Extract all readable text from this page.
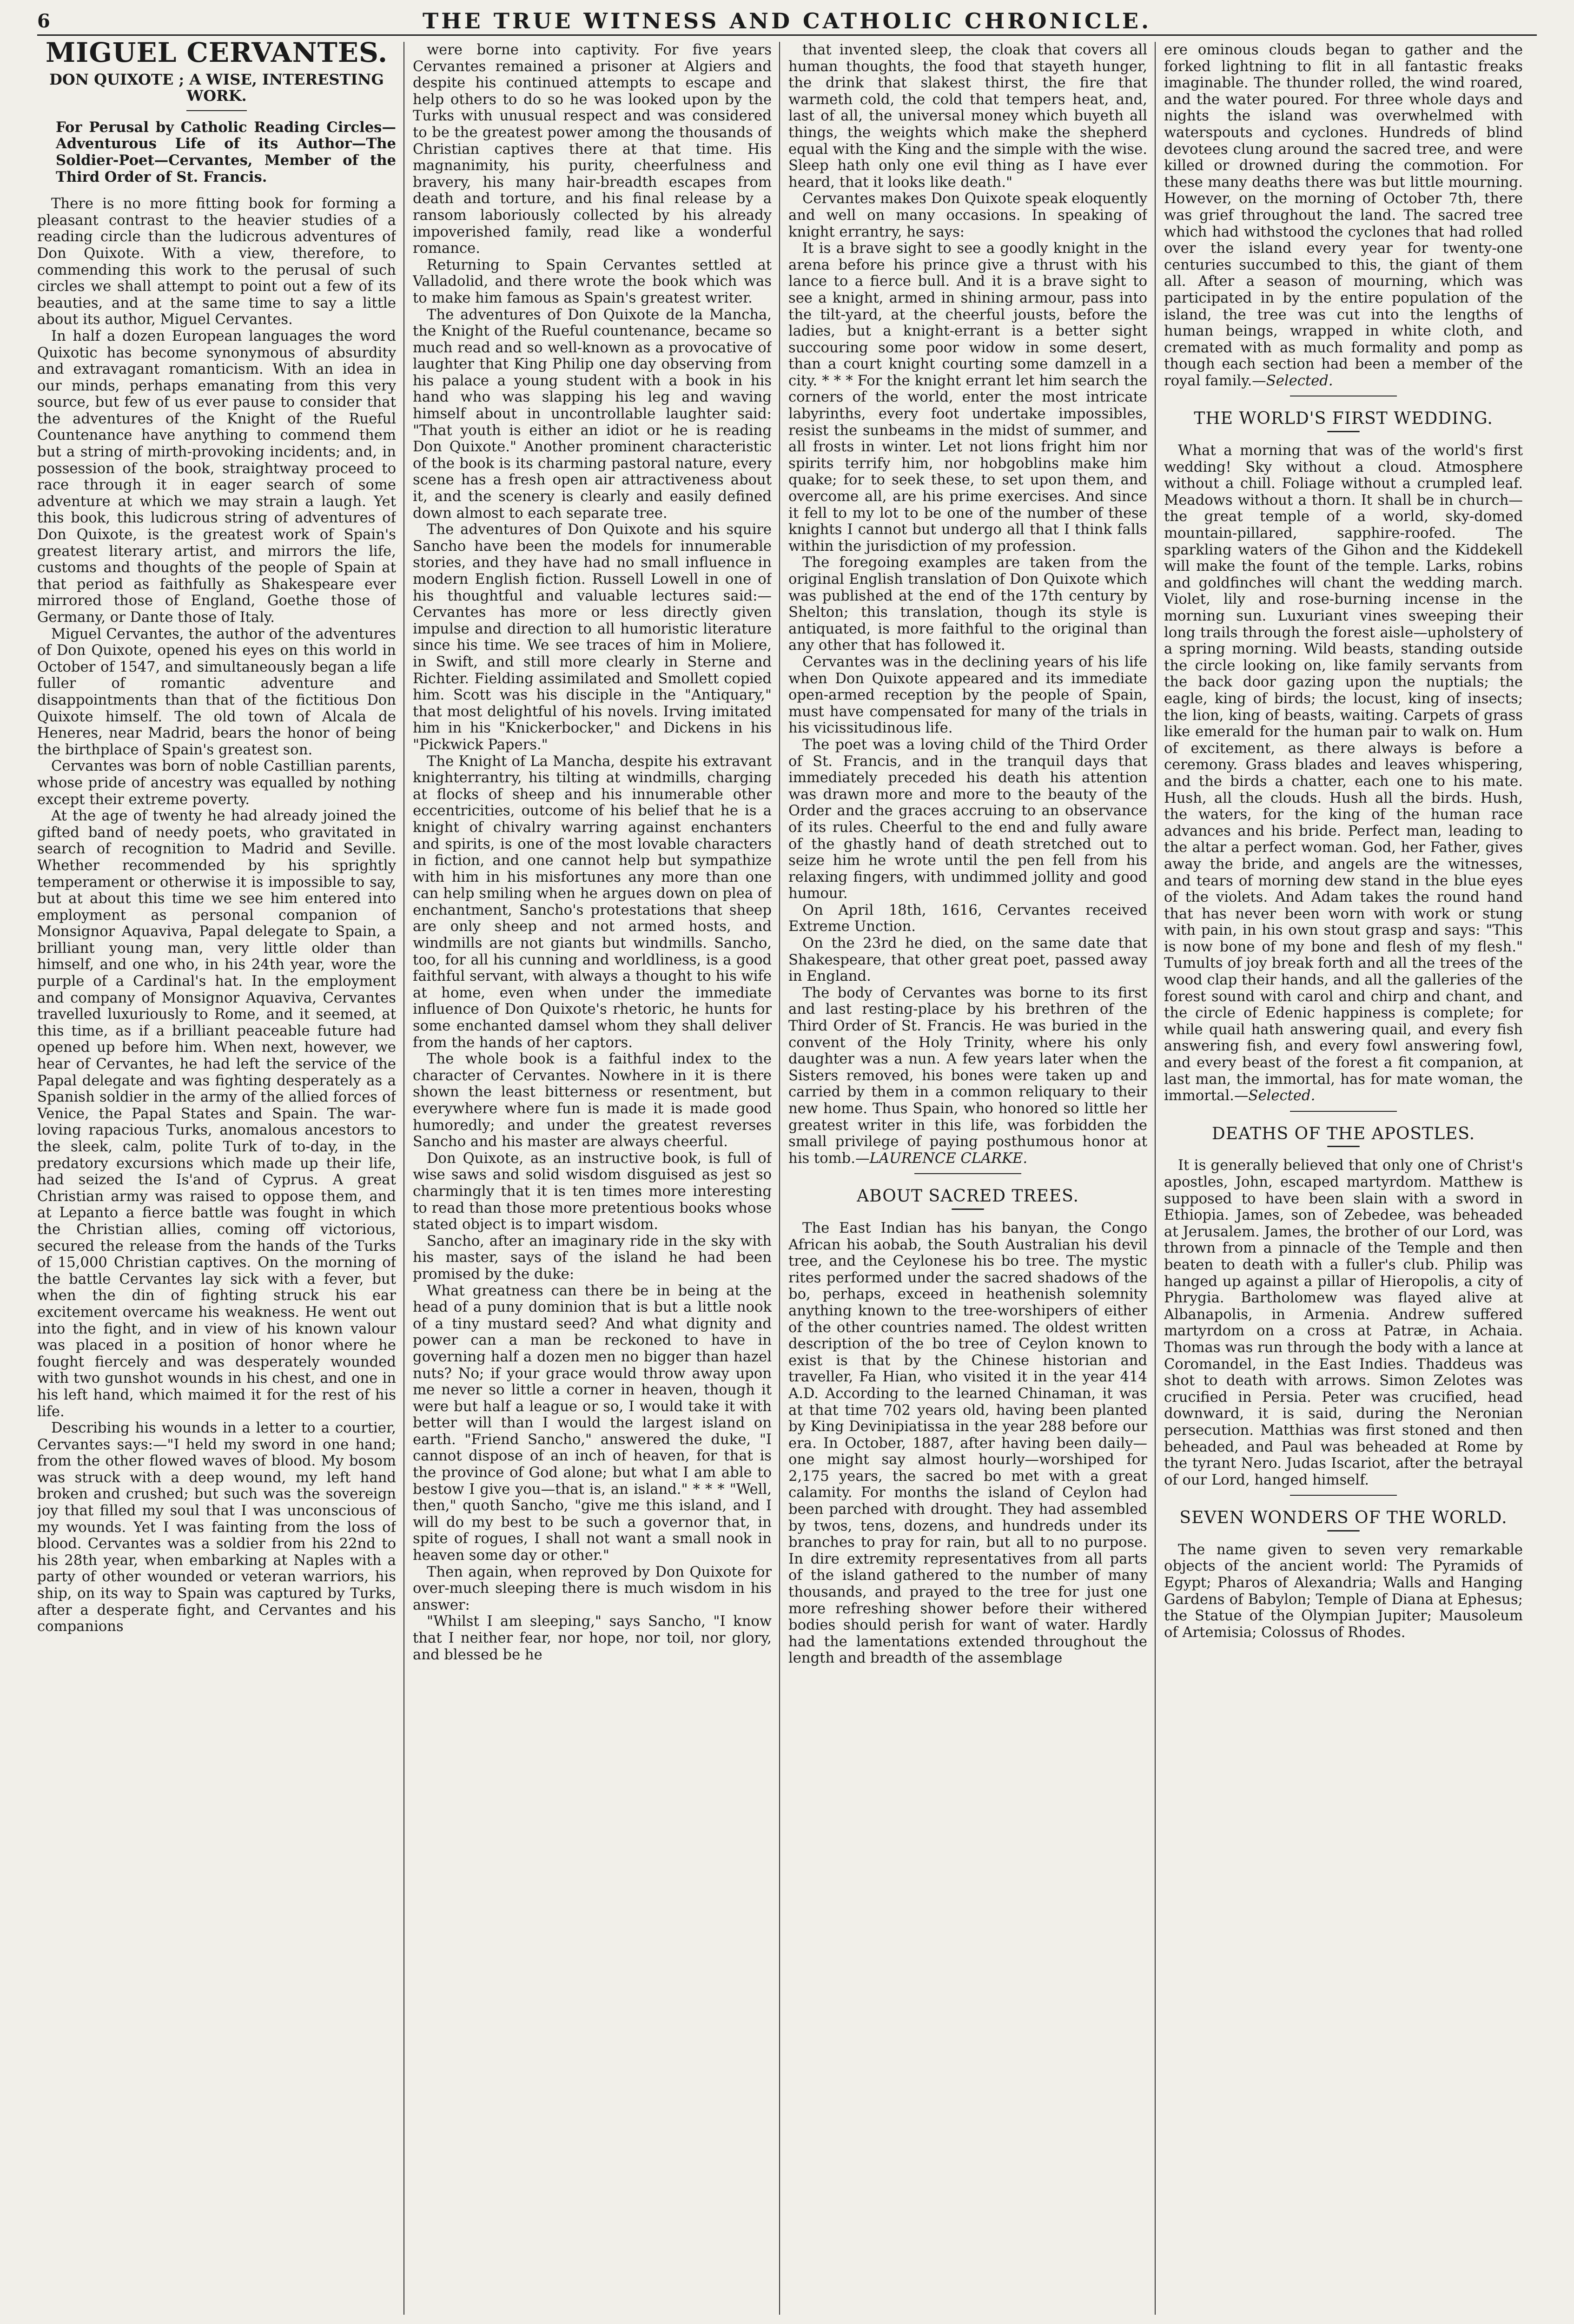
6	THE TRUE WITNESS AND CATHOLIC CHRONICLE.
MIGUEL CERVANTES.
DON QUIXOTE ; A WISE, INTERESTING WORK.

For Perusal by Catholic Reading Circles—Adventurous Life of its Author—The Soldier-Poet—Cervantes, Member of the Third Order of St. Francis.

There is no more fitting book for forming a pleasant contrast to the heavier studies of a reading circle than the ludicrous adventures of Don Quixote. With a view, therefore, to commending this work to the perusal of such circles we shall attempt to point out a few of its beauties, and at the same time to say a little about its author, Miguel Cervantes.

In half a dozen European languages the word Quixotic has become synonymous of absurdity and extravagant romanticism. With an idea in our minds, perhaps emanating from this very source, but few of us ever pause to consider that the adventures of the Knight of the Rueful Countenance have anything to commend them but a string of mirth-provoking incidents; and, in possession of the book, straightway proceed to race through it in eager search of some adventure at which we may strain a laugh. Yet this book, this ludicrous string of adventures of Don Quixote, is the greatest work of Spain's greatest literary artist, and mirrors the life, customs and thoughts of the people of Spain at that period as faithfully as Shakespeare ever mirrored those of England, Goethe those of Germany, or Dante those of Italy.

Miguel Cervantes, the author of the adventures of Don Quixote, opened his eyes on this world in October of 1547, and simultaneously began a life fuller of romantic adventure and disappointments than that of the fictitious Don Quixote himself. The old town of Alcala de Heneres, near Madrid, bears the honor of being the birthplace of Spain's greatest son.

Cervantes was born of noble Castillian parents, whose pride of ancestry was equalled by nothing except their extreme poverty.

At the age of twenty he had already joined the gifted band of needy poets, who gravitated in search of recognition to Madrid and Seville. Whether recommended by his sprightly temperament or otherwise it is impossible to say, but at about this time we see him entered into employment as personal companion of Monsignor Aquaviva, Papal delegate to Spain, a brilliant young man, very little older than himself, and one who, in his 24th year, wore the purple of a Cardinal's hat. In the employment and company of Monsignor Aquaviva, Cervantes travelled luxuriously to Rome, and it seemed, at this time, as if a brilliant peaceable future had opened up before him. When next, however, we hear of Cervantes, he had left the service of the Papal delegate and was fighting desperately as a Spanish soldier in the army of the allied forces of Venice, the Papal States and Spain. The war-loving rapacious Turks, anomalous ancestors to the sleek, calm, polite Turk of to-day, in the predatory excursions which made up their life, had seized the Is'and of Cyprus. A great Christian army was raised to oppose them, and at Lepanto a fierce battle was fought in which the Christian allies, coming off victorious, secured the release from the hands of the Turks of 15,000 Christian captives. On the morning of the battle Cervantes lay sick with a fever, but when the din of fighting struck his ear excitement overcame his weakness. He went out into the fight, and in view of his known valour was placed in a position of honor where he fought fiercely and was desperately wounded with two gunshot wounds in his chest, and one in his left hand, which maimed it for the rest of his life.

Describing his wounds in a letter to a courtier, Cervantes says:—"I held my sword in one hand; from the other flowed waves of blood. My bosom was struck with a deep wound, my left hand broken and crushed; but such was the sovereign joy that filled my soul that I was unconscious of my wounds. Yet I was fainting from the loss of blood. Cervantes was a soldier from his 22nd to his 28th year, when embarking at Naples with a party of other wounded or veteran warriors, his ship, on its way to Spain was captured by Turks, after a desperate fight, and Cervantes and his companions

were borne into captivity. For five years Cervantes remained a prisoner at Algiers and despite his continued attempts to escape and help others to do so he was looked upon by the Turks with unusual respect and was considered to be the greatest power among the thousands of Christian captives there at that time. His magnanimity, his purity, cheerfulness and bravery, his many hair-breadth escapes from death and torture, and his final release by a ransom laboriously collected by his already impoverished family, read like a wonderful romance.

Returning to Spain Cervantes settled at Valladolid, and there wrote the book which was to make him famous as Spain's greatest writer.

The adventures of Don Quixote de la Mancha, the Knight of the Rueful countenance, became so much read and so well-known as a provocative of laughter that King Philip one day observing from his palace a young student with a book in his hand who was slapping his leg and waving himself about in uncontrollable laughter said: "That youth is either an idiot or he is reading Don Quixote." Another prominent characteristic of the book is its charming pastoral nature, every scene has a fresh open air attractiveness about it, and the scenery is clearly and easily defined down almost to each separate tree.

The adventures of Don Quixote and his squire Sancho have been the models for innumerable stories, and they have had no small influence in modern English fiction. Russell Lowell in one of his thoughtful and valuable lectures said:—Cervantes has more or less directly given impulse and direction to all humoristic literature since his time. We see traces of him in Moliere, in Swift, and still more clearly in Sterne and Richter. Fielding assimilated and Smollett copied him. Scott was his disciple in the "Antiquary," that most delightful of his novels. Irving imitated him in his "Knickerbocker," and Dickens in his "Pickwick Papers."

The Knight of La Mancha, despite his extravant knighterrantry, his tilting at windmills, charging at flocks of sheep and his innumerable other eccentricities, outcome of his belief that he is a knight of chivalry warring against enchanters and spirits, is one of the most lovable characters in fiction, and one cannot help but sympathize with him in his misfortunes any more than one can help smiling when he argues down on plea of enchantment, Sancho's protestations that sheep are only sheep and not armed hosts, and windmills are not giants but windmills. Sancho, too, for all his cunning and worldliness, is a good faithful servant, with always a thought to his wife at home, even when under the immediate influence of Don Quixote's rhetoric, he hunts for some enchanted damsel whom they shall deliver from the hands of her captors.

The whole book is a faithful index to the character of Cervantes. Nowhere in it is there shown the least bitterness or resentment, but everywhere where fun is made it is made good humoredly; and under the greatest reverses Sancho and his master are always cheerful.

Don Quixote, as an instructive book, is full of wise saws and solid wisdom disguised as jest so charmingly that it is ten times more interesting to read than those more pretentious books whose stated object is to impart wisdom.

Sancho, after an imaginary ride in the sky with his master, says of the island he had been promised by the duke:

What greatness can there be in being at the head of a puny dominion that is but a little nook of a tiny mustard seed? And what dignity and power can a man be reckoned to have in governing half a dozen men no bigger than hazel nuts? No; if your grace would throw away upon me never so little a corner in heaven, though it were but half a league or so, I would take it with better will than I would the largest island on earth. "Friend Sancho," answered the duke, "I cannot dispose of an inch of heaven, for that is the province of God alone; but what I am able to bestow I give you—that is, an island." * * * "Well, then," quoth Sancho, "give me this island, and I will do my best to be such a governor that, in spite of rogues, I shall not want a small nook in heaven some day or other."

Then again, when reproved by Don Quixote for over-much sleeping there is much wisdom in his answer:

"Whilst I am sleeping," says Sancho, "I know that I neither fear, nor hope, nor toil, nor glory, and blessed be he

that invented sleep, the cloak that covers all human thoughts, the food that stayeth hunger, the drink that slakest thirst, the fire that warmeth cold, the cold that tempers heat, and, last of all, the universal money which buyeth all things, the weights which make the shepherd equal with the King and the simple with the wise. Sleep hath only one evil thing as I have ever heard, that it looks like death."

Cervantes makes Don Quixote speak eloquently and well on many occasions. In speaking of knight errantry, he says:

It is a brave sight to see a goodly knight in the arena before his prince give a thrust with his lance to a fierce bull. And it is a brave sight to see a knight, armed in shining armour, pass into the tilt-yard, at the cheerful jousts, before the ladies, but a knight-errant is a better sight succouring some poor widow in some desert, than a court knight courting some damzell in a city. * * * For the knight errant let him search the corners of the world, enter the most intricate labyrinths, every foot undertake impossibles, resist the sunbeams in the midst of summer, and all frosts in winter. Let not lions fright him nor spirits terrify him, nor hobgoblins make him quake; for to seek these, to set upon them, and overcome all, are his prime exercises. And since it fell to my lot to be one of the number of these knights I cannot but undergo all that I think falls within the jurisdiction of my profession.

The foregoing examples are taken from the original English translation of Don Quixote which was published at the end of the 17th century by Shelton; this translation, though its style is antiquated, is more faithful to the original than any other that has followed it.

Cervantes was in the declining years of his life when Don Quixote appeared and its immediate open-armed reception by the people of Spain, must have compensated for many of the trials in his vicissitudinous life.

The poet was a loving child of the Third Order of St. Francis, and in the tranquil days that immediately preceded his death his attention was drawn more and more to the beauty of the Order and the graces accruing to an observance of its rules. Cheerful to the end and fully aware of the ghastly hand of death stretched out to seize him he wrote until the pen fell from his relaxing fingers, with undimmed jollity and good humour.

On April 18th, 1616, Cervantes received Extreme Unction.

On the 23rd he died, on the same date that Shakespeare, that other great poet, passed away in England.

The body of Cervantes was borne to its first and last resting-place by his brethren of the Third Order of St. Francis. He was buried in the convent of the Holy Trinity, where his only daughter was a nun. A few years later when the Sisters removed, his bones were taken up and carried by them in a common reliquary to their new home. Thus Spain, who honored so little her greatest writer in this life, was forbidden the small privilege of paying posthumous honor at his tomb.—LAURENCE CLARKE.

ABOUT SACRED TREES.

The East Indian has his banyan, the Congo African his aobab, the South Australian his devil tree, and the Ceylonese his bo tree. The mystic rites performed under the sacred shadows of the bo, perhaps, exceed in heathenish solemnity anything known to the tree-worshipers of either of the other countries named. The oldest written description of the bo tree of Ceylon known to exist is that by the Chinese historian and traveller, Fa Hian, who visited it in the year 414 A.D. According to the learned Chinaman, it was at that time 702 years old, having been planted by King Devinipiatissa in the year 288 before our era. In October, 1887, after having been daily—one might say almost hourly—worshiped for 2,175 years, the sacred bo met with a great calamity. For months the island of Ceylon had been parched with drought. They had assembled by twos, tens, dozens, and hundreds under its branches to pray for rain, but all to no purpose. In dire extremity representatives from all parts of the island gathered to the number of many thousands, and prayed to the tree for just one more refreshing shower before their withered bodies should perish for want of water. Hardly had the lamentations extended throughout the length and breadth of the assemblage

ere ominous clouds began to gather and the forked lightning to flit in all fantastic freaks imaginable. The thunder rolled, the wind roared, and the water poured. For three whole days and nights the island was overwhelmed with waterspouts and cyclones. Hundreds of blind devotees clung around the sacred tree, and were killed or drowned during the commotion. For these many deaths there was but little mourning. However, on the morning of October 7th, there was grief throughout the land. The sacred tree which had withstood the cyclones that had rolled over the island every year for twenty-one centuries succumbed to this, the giant of them all. After a season of mourning, which was participated in by the entire population of the island, the tree was cut into the lengths of human beings, wrapped in white cloth, and cremated with as much formality and pomp as though each section had been a member of the royal family.—Selected.

THE WORLD'S FIRST WEDDING.

What a morning that was of the world's first wedding! Sky without a cloud. Atmosphere without a chill. Foliage without a crumpled leaf. Meadows without a thorn. It shall be in church—the great temple of a world, sky-domed mountain-pillared, sapphire-roofed. The sparkling waters of the Gihon and the Kiddekell will make the fount of the temple. Larks, robins and goldfinches will chant the wedding march. Violet, lily and rose-burning incense in the morning sun. Luxuriant vines sweeping their long trails through the forest aisle—upholstery of a spring morning. Wild beasts, standing outside the circle looking on, like family servants from the back door gazing upon the nuptials; the eagle, king of birds; the locust, king of insects; the lion, king of beasts, waiting. Carpets of grass like emerald for the human pair to walk on. Hum of excitement, as there always is before a ceremony. Grass blades and leaves whispering, and the birds a chatter, each one to his mate. Hush, all the clouds. Hush all the birds. Hush, the waters, for the king of the human race advances and his bride. Perfect man, leading to the altar a perfect woman. God, her Father, gives away the bride, and angels are the witnesses, and tears of morning dew stand in the blue eyes of the violets. And Adam takes the round hand that has never been worn with work or stung with pain, in his own stout grasp and says: "This is now bone of my bone and flesh of my flesh." Tumults of joy break forth and all the trees of the wood clap their hands, and all the galleries of the forest sound with carol and chirp and chant, and the circle of Edenic happiness is complete; for while quail hath answering quail, and every fish answering fish, and every fowl answering fowl, and every beast of the forest a fit companion, at last man, the immortal, has for mate woman, the immortal.—Selected.

DEATHS OF THE APOSTLES.

It is generally believed that only one of Christ's apostles, John, escaped martyrdom. Matthew is supposed to have been slain with a sword in Ethiopia. James, son of Zebedee, was beheaded at Jerusalem. James, the brother of our Lord, was thrown from a pinnacle of the Temple and then beaten to death with a fuller's club. Philip was hanged up against a pillar of Hieropolis, a city of Phrygia. Bartholomew was flayed alive at Albanapolis, in Armenia. Andrew suffered martyrdom on a cross at Patræ, in Achaia. Thomas was run through the body with a lance at Coromandel, in the East Indies. Thaddeus was shot to death with arrows. Simon Zelotes was crucified in Persia. Peter was crucified, head downward, it is said, during the Neronian persecution. Matthias was first stoned and then beheaded, and Paul was beheaded at Rome by the tyrant Nero. Judas Iscariot, after the betrayal of our Lord, hanged himself.

SEVEN WONDERS OF THE WORLD.

The name given to seven very remarkable objects of the ancient world: The Pyramids of Egypt; Pharos of Alexandria; Walls and Hanging Gardens of Babylon; Temple of Diana at Ephesus; the Statue of the Olympian Jupiter; Mausoleum of Artemisia; Colossus of Rhodes.
